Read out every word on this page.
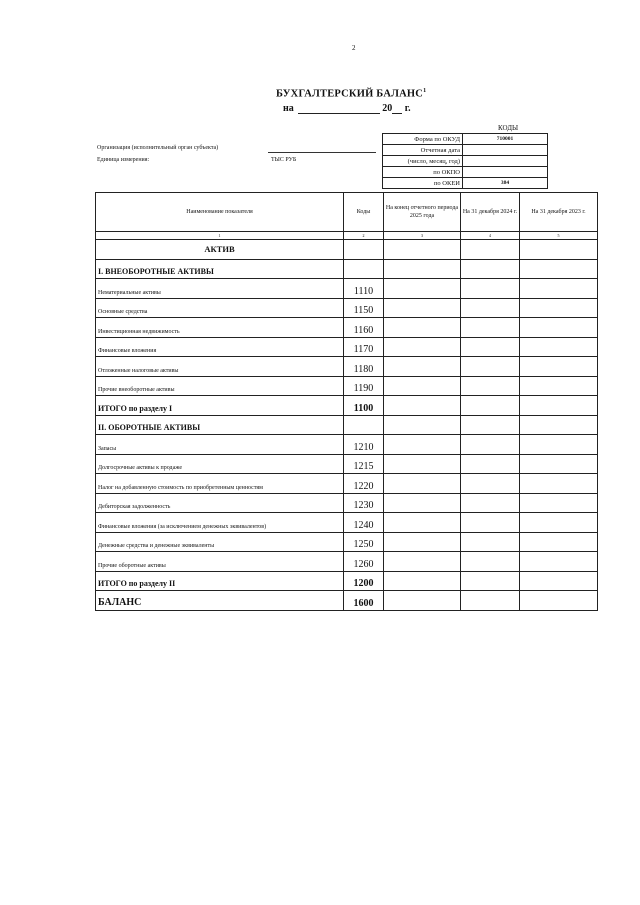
2
БУХГАЛТЕРСКИЙ БАЛАНС$^1$
на	20 г.
КОДЫ
Форма по ОКУД	710001
Отчетная дата	
(число, месяц, год)	
по ОКПО	
по ОКЕИ	384
Организация (исполнительный орган субъекта)
Единица измерения:	ТЫС РУБ
Наименование показателя	Коды	На конец отчетного периода 2025 года	На 31 декабря 2024 г.	На 31 декабря 2023 г.
1	2	3	4	5
АКТИВ				
I. ВНЕОБОРОТНЫЕ АКТИВЫ				
Нематериальные активы	1110			
Основные средства	1150			
Инвестиционная недвижимость	1160			
Финансовые вложения	1170			
Отложенные налоговые активы	1180			
Прочие внеоборотные активы	1190			
ИТОГО по разделу I	1100			
II. ОБОРОТНЫЕ АКТИВЫ				
Запасы	1210			
Долгосрочные активы к продаже	1215			
Налог на добавленную стоимость по приобретенным ценностям	1220			
Дебиторская задолженность	1230			
Финансовые вложения (за исключением денежных эквивалентов)	1240			
Денежные средства и денежные эквиваленты	1250			
Прочие оборотные активы	1260			
ИТОГО по разделу II	1200			
БАЛАНС	1600			
